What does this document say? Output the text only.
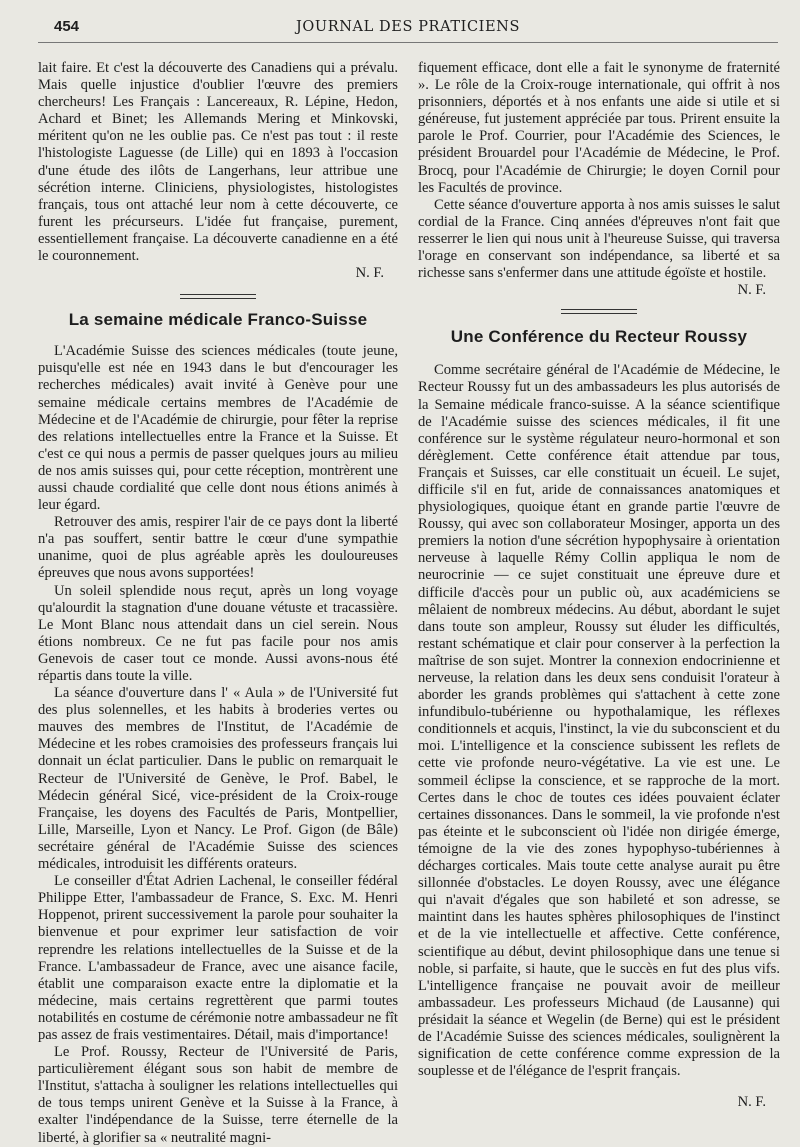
454	JOURNAL DES PRATICIENS

lait faire. Et c'est la découverte des Canadiens qui a prévalu. Mais quelle injustice d'oublier l'œuvre des premiers chercheurs! Les Français : Lancereaux, R. Lépine, Hedon, Achard et Binet; les Allemands Mering et Minkovski, méritent qu'on ne les oublie pas. Ce n'est pas tout : il reste l'histologiste Laguesse (de Lille) qui en 1893 à l'occasion d'une étude des ilôts de Langerhans, leur attribue une sécrétion interne. Cliniciens, physiologistes, histologistes français, tous ont attaché leur nom à cette découverte, ce furent les précurseurs. L'idée fut française, purement, essentiellement française. La découverte canadienne en a été le couronnement.

N. F.

La semaine médicale Franco-Suisse

L'Académie Suisse des sciences médicales (toute jeune, puisqu'elle est née en 1943 dans le but d'encourager les recherches médicales) avait invité à Genève pour une semaine médicale certains membres de l'Académie de Médecine et de l'Académie de chirurgie, pour fêter la reprise des relations intellectuelles entre la France et la Suisse. Et c'est ce qui nous a permis de passer quelques jours au milieu de nos amis suisses qui, pour cette réception, montrèrent une aussi chaude cordialité que celle dont nous étions animés à leur égard.

Retrouver des amis, respirer l'air de ce pays dont la liberté n'a pas souffert, sentir battre le cœur d'une sympathie unanime, quoi de plus agréable après les douloureuses épreuves que nous avons supportées!

Un soleil splendide nous reçut, après un long voyage qu'alourdit la stagnation d'une douane vétuste et tracassière. Le Mont Blanc nous attendait dans un ciel serein. Nous étions nombreux. Ce ne fut pas facile pour nos amis Genevois de caser tout ce monde. Aussi avons-nous été répartis dans toute la ville.

La séance d'ouverture dans l' « Aula » de l'Université fut des plus solennelles, et les habits à broderies vertes ou mauves des membres de l'Institut, de l'Académie de Médecine et les robes cramoisies des professeurs français lui donnait un éclat particulier. Dans le public on remarquait le Recteur de l'Université de Genève, le Prof. Babel, le Médecin général Sicé, vice-président de la Croix-rouge Française, les doyens des Facultés de Paris, Montpellier, Lille, Marseille, Lyon et Nancy. Le Prof. Gigon (de Bâle) secrétaire général de l'Académie Suisse des sciences médicales, introduisit les différents orateurs.

Le conseiller d'État Adrien Lachenal, le conseiller fédéral Philippe Etter, l'ambassadeur de France, S. Exc. M. Henri Hoppenot, prirent successivement la parole pour souhaiter la bienvenue et pour exprimer leur satisfaction de voir reprendre les relations intellectuelles de la Suisse et de la France. L'ambassadeur de France, avec une aisance facile, établit une comparaison exacte entre la diplomatie et la médecine, mais certains regrettèrent que parmi toutes notabilités en costume de cérémonie notre ambassadeur ne fît pas assez de frais vestimentaires. Détail, mais d'importance!

Le Prof. Roussy, Recteur de l'Université de Paris, particulièrement élégant sous son habit de membre de l'Institut, s'attacha à souligner les relations intellectuelles qui de tous temps unirent Genève et la Suisse à la France, à exalter l'indépendance de la Suisse, terre éternelle de la liberté, à glorifier sa « neutralité magni-

fiquement efficace, dont elle a fait le synonyme de fraternité ». Le rôle de la Croix-rouge internationale, qui offrit à nos prisonniers, déportés et à nos enfants une aide si utile et si généreuse, fut justement appréciée par tous. Prirent ensuite la parole le Prof. Courrier, pour l'Académie des Sciences, le président Brouardel pour l'Académie de Médecine, le Prof. Brocq, pour l'Académie de Chirurgie; le doyen Cornil pour les Facultés de province.

Cette séance d'ouverture apporta à nos amis suisses le salut cordial de la France. Cinq années d'épreuves n'ont fait que resserrer le lien qui nous unit à l'heureuse Suisse, qui traversa l'orage en conservant son indépendance, sa liberté et sa richesse sans s'enfermer dans une attitude égoïste et hostile.

N. F.

Une Conférence du Recteur Roussy

Comme secrétaire général de l'Académie de Médecine, le Recteur Roussy fut un des ambassadeurs les plus autorisés de la Semaine médicale franco-suisse. A la séance scientifique de l'Académie suisse des sciences médicales, il fit une conférence sur le système régulateur neuro-hormonal et son dérèglement. Cette conférence était attendue par tous, Français et Suisses, car elle constituait un écueil. Le sujet, difficile s'il en fut, aride de connaissances anatomiques et physiologiques, quoique étant en grande partie l'œuvre de Roussy, qui avec son collaborateur Mosinger, apporta un des premiers la notion d'une sécrétion hypophysaire à orientation nerveuse à laquelle Rémy Collin appliqua le nom de neurocrinie — ce sujet constituait une épreuve dure et difficile d'accès pour un public où, aux académiciens se mêlaient de nombreux médecins. Au début, abordant le sujet dans toute son ampleur, Roussy sut éluder les difficultés, restant schématique et clair pour conserver à la perfection la maîtrise de son sujet. Montrer la connexion endocrinienne et nerveuse, la relation dans les deux sens conduisit l'orateur à aborder les grands problèmes qui s'attachent à cette zone infundibulo-tubérienne ou hypothalamique, les réflexes conditionnels et acquis, l'instinct, la vie du subconscient et du moi. L'intelligence et la conscience subissent les reflets de cette vie profonde neuro-végétative. La vie est une. Le sommeil éclipse la conscience, et se rapproche de la mort. Certes dans le choc de toutes ces idées pouvaient éclater certaines dissonances. Dans le sommeil, la vie profonde n'est pas éteinte et le subconscient où l'idée non dirigée émerge, témoigne de la vie des zones hypophyso-tubériennes à décharges corticales. Mais toute cette analyse aurait pu être sillonnée d'obstacles. Le doyen Roussy, avec une élégance qui n'avait d'égales que son habileté et son adresse, se maintint dans les hautes sphères philosophiques de l'instinct et de la vie intellectuelle et affective. Cette conférence, scientifique au début, devint philosophique dans une tenue si noble, si parfaite, si haute, que le succès en fut des plus vifs. L'intelligence française ne pouvait avoir de meilleur ambassadeur. Les professeurs Michaud (de Lausanne) qui présidait la séance et Wegelin (de Berne) qui est le président de l'Académie Suisse des sciences médicales, soulignèrent la signification de cette conférence comme expression de la souplesse et de l'élégance de l'esprit français.

N. F.
